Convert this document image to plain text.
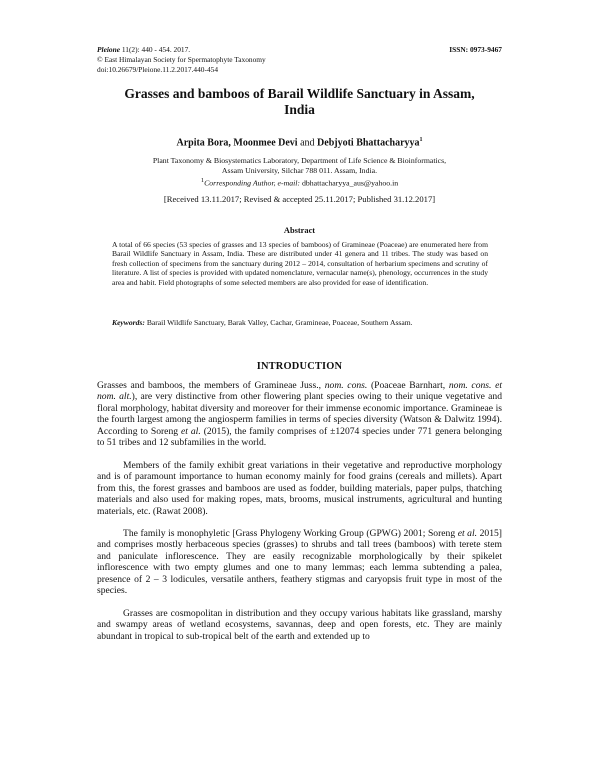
Pleione 11(2): 440 - 454. 2017.	ISSN: 0973-9467
© East Himalayan Society for Spermatophyte Taxonomy
doi:10.26679/Pleione.11.2.2017.440-454
Grasses and bamboos of Barail Wildlife Sanctuary in Assam,
India
Arpita Bora, Moonmee Devi and Debjyoti Bhattacharyya$^1$
Plant Taxonomy & Biosystematics Laboratory, Department of Life Science & Bioinformatics,
Assam University, Silchar 788 011. Assam, India.
$^1$Corresponding Author, e-mail: dbhattacharyya_aus@yahoo.in
[Received 13.11.2017; Revised & accepted 25.11.2017; Published 31.12.2017]
Abstract
A total of 66 species (53 species of grasses and 13 species of bamboos) of Gramineae (Poaceae) are enumerated here from Barail Wildlife Sanctuary in Assam, India. These are distributed under 41 genera and 11 tribes. The study was based on fresh collection of specimens from the sanctuary during 2012 – 2014, consultation of herbarium specimens and scrutiny of literature. A list of species is provided with updated nomenclature, vernacular name(s), phenology, occurrences in the study area and habit. Field photographs of some selected members are also provided for ease of identification.
Keywords: Barail Wildlife Sanctuary, Barak Valley, Cachar, Gramineae, Poaceae, Southern Assam.
INTRODUCTION

Grasses and bamboos, the members of Gramineae Juss., nom. cons. (Poaceae Barnhart, nom. cons. et nom. alt.), are very distinctive from other flowering plant species owing to their unique vegetative and floral morphology, habitat diversity and moreover for their immense economic importance. Gramineae is the fourth largest among the angiosperm families in terms of species diversity (Watson & Dalwitz 1994). According to Soreng et al. (2015), the family comprises of ±12074 species under 771 genera belonging to 51 tribes and 12 subfamilies in the world.

Members of the family exhibit great variations in their vegetative and reproductive morphology and is of paramount importance to human economy mainly for food grains (cereals and millets). Apart from this, the forest grasses and bamboos are used as fodder, building materials, paper pulps, thatching materials and also used for making ropes, mats, brooms, musical instruments, agricultural and hunting materials, etc. (Rawat 2008).

The family is monophyletic [Grass Phylogeny Working Group (GPWG) 2001; Soreng et al. 2015] and comprises mostly herbaceous species (grasses) to shrubs and tall trees (bamboos) with terete stem and paniculate inflorescence. They are easily recognizable morphologically by their spikelet inflorescence with two empty glumes and one to many lemmas; each lemma subtending a palea, presence of 2 – 3 lodicules, versatile anthers, feathery stigmas and caryopsis fruit type in most of the species.

Grasses are cosmopolitan in distribution and they occupy various habitats like grassland, marshy and swampy areas of wetland ecosystems, savannas, deep and open forests, etc. They are mainly abundant in tropical to sub-tropical belt of the earth and extended up to
